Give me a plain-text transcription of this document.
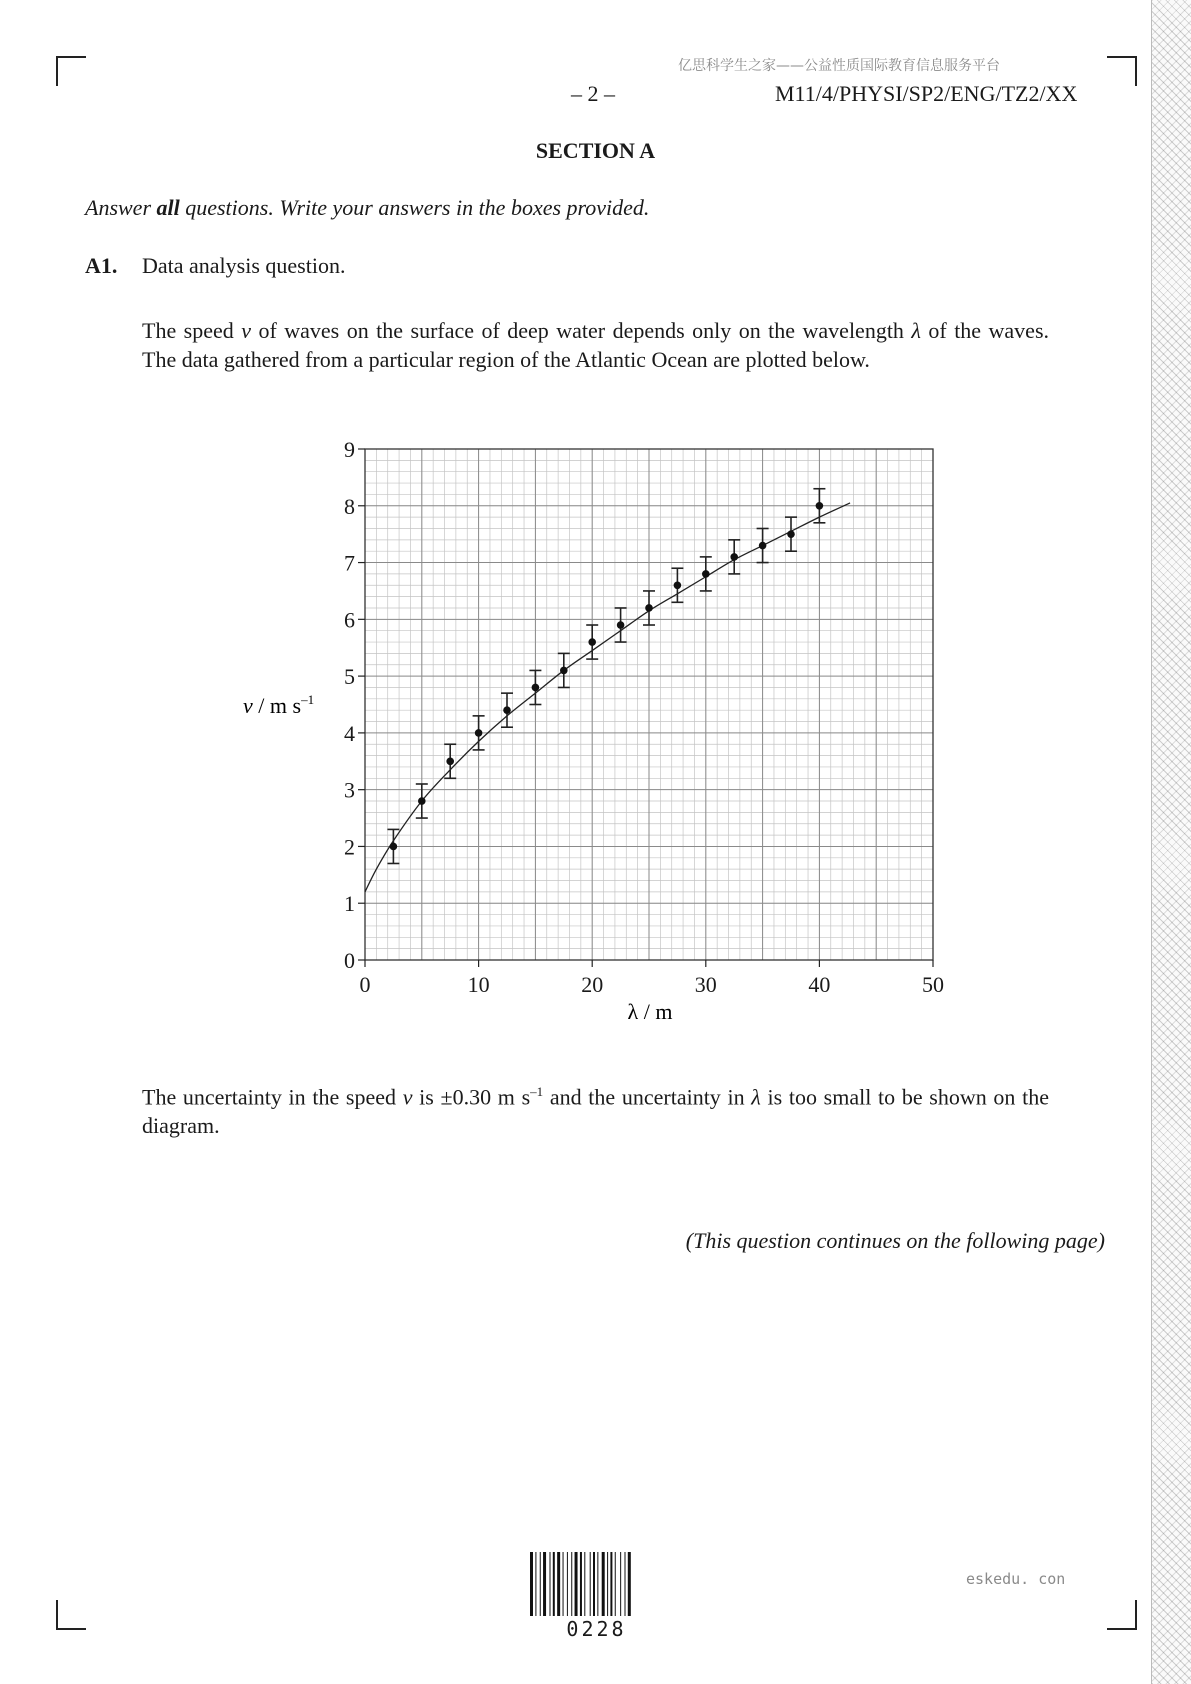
亿思科学生之家——公益性质国际教育信息服务平台
– 2 –	M11/4/PHYSI/SP2/ENG/TZ2/XX
SECTION A
Answer all questions. Write your answers in the boxes provided.
A1. Data analysis question.
The speed v of waves on the surface of deep water depends only on the wavelength λ of the waves. The data gathered from a particular region of the Atlantic Ocean are plotted below.
0
1
2
3
4
5
6
7
8
9
0	10	20	30	40	50
λ / m
v / m $s^{-1}$
The uncertainty in the speed v is ±0.30 m $s^{-1}$ and the uncertainty in λ is too small to be shown on the diagram.
(This question continues on the following page)
0228
eskedu. con
